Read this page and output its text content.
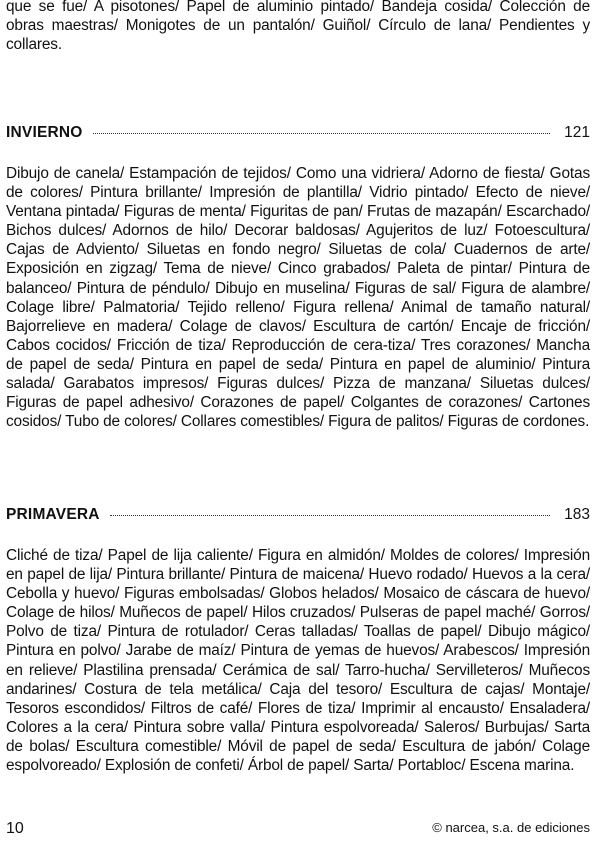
que se fue/ A pisotones/ Papel de aluminio pintado/ Bandeja cosida/ Colección de obras maestras/ Monigotes de un pantalón/ Guiñol/ Círculo de lana/ Pendientes y collares.

INVIERNO	121

Dibujo de canela/ Estampación de tejidos/ Como una vidriera/ Adorno de fiesta/ Gotas de colores/ Pintura brillante/ Impresión de plantilla/ Vidrio pintado/ Efecto de nieve/ Ventana pintada/ Figuras de menta/ Figuritas de pan/ Frutas de mazapán/ Escarchado/ Bichos dulces/ Adornos de hilo/ Decorar baldosas/ Agujeritos de luz/ Fotoescultura/ Cajas de Adviento/ Siluetas en fondo negro/ Siluetas de cola/ Cuadernos de arte/ Exposición en zigzag/ Tema de nieve/ Cinco grabados/ Paleta de pintar/ Pintura de balanceo/ Pintura de péndulo/ Dibujo en muselina/ Figuras de sal/ Figura de alambre/ Colage libre/ Palmatoria/ Tejido relleno/ Figura rellena/ Animal de tamaño natural/ Bajorrelieve en madera/ Colage de clavos/ Escultura de cartón/ Encaje de fricción/ Cabos cocidos/ Fricción de tiza/ Reproducción de cera-tiza/ Tres corazones/ Mancha de papel de seda/ Pintura en papel de seda/ Pintura en papel de aluminio/ Pintura salada/ Garabatos impresos/ Figuras dulces/ Pizza de manzana/ Siluetas dulces/ Figuras de papel adhesivo/ Corazones de papel/ Colgantes de corazones/ Cartones cosidos/ Tubo de colores/ Collares comestibles/ Figura de palitos/ Figuras de cordones.

PRIMAVERA	183

Cliché de tiza/ Papel de lija caliente/ Figura en almidón/ Moldes de colores/ Impresión en papel de lija/ Pintura brillante/ Pintura de maicena/ Huevo rodado/ Huevos a la cera/ Cebolla y huevo/ Figuras embolsadas/ Globos helados/ Mosaico de cáscara de huevo/ Colage de hilos/ Muñecos de papel/ Hilos cruzados/ Pulseras de papel maché/ Gorros/ Polvo de tiza/ Pintura de rotulador/ Ceras talladas/ Toallas de papel/ Dibujo mágico/ Pintura en polvo/ Jarabe de maíz/ Pintura de yemas de huevos/ Arabescos/ Impresión en relieve/ Plastilina prensada/ Cerámica de sal/ Tarro-hucha/ Servilleteros/ Muñecos andarines/ Costura de tela metálica/ Caja del tesoro/ Escultura de cajas/ Montaje/ Tesoros escondidos/ Filtros de café/ Flores de tiza/ Imprimir al encausto/ Ensaladera/ Colores a la cera/ Pintura sobre valla/ Pintura espolvoreada/ Saleros/ Burbujas/ Sarta de bolas/ Escultura comestible/ Móvil de papel de seda/ Escultura de jabón/ Colage espolvoreado/ Explosión de confeti/ Árbol de papel/ Sarta/ Portabloc/ Escena marina.

10	© narcea, s.a. de ediciones
